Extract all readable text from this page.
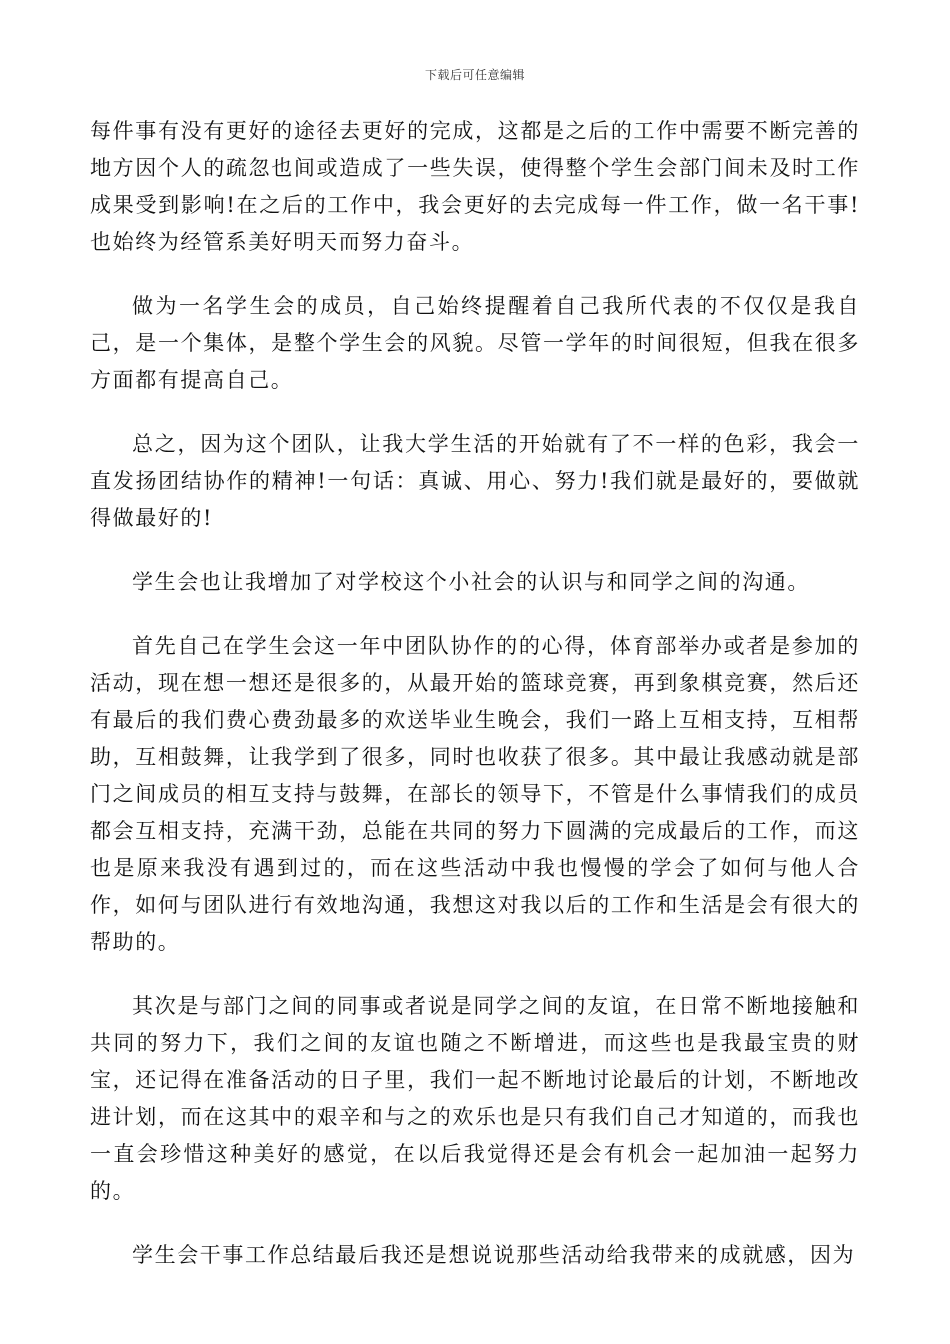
下载后可任意编辑

每件事有没有更好的途径去更好的完成，这都是之后的工作中需要不断完善的地方因个人的疏忽也间或造成了一些失误，使得整个学生会部门间未及时工作成果受到影响!在之后的工作中，我会更好的去完成每一件工作，做一名干事!也始终为经管系美好明天而努力奋斗。

做为一名学生会的成员，自己始终提醒着自己我所代表的不仅仅是我自己，是一个集体，是整个学生会的风貌。尽管一学年的时间很短，但我在很多方面都有提高自己。

总之，因为这个团队，让我大学生活的开始就有了不一样的色彩，我会一直发扬团结协作的精神!一句话：真诚、用心、努力!我们就是最好的，要做就得做最好的!

学生会也让我增加了对学校这个小社会的认识与和同学之间的沟通。

首先自己在学生会这一年中团队协作的的心得，体育部举办或者是参加的活动，现在想一想还是很多的，从最开始的篮球竞赛，再到象棋竞赛，然后还有最后的我们费心费劲最多的欢送毕业生晚会，我们一路上互相支持，互相帮助，互相鼓舞，让我学到了很多，同时也收获了很多。其中最让我感动就是部门之间成员的相互支持与鼓舞，在部长的领导下，不管是什么事情我们的成员都会互相支持，充满干劲，总能在共同的努力下圆满的完成最后的工作，而这也是原来我没有遇到过的，而在这些活动中我也慢慢的学会了如何与他人合作，如何与团队进行有效地沟通，我想这对我以后的工作和生活是会有很大的帮助的。

其次是与部门之间的同事或者说是同学之间的友谊，在日常不断地接触和共同的努力下，我们之间的友谊也随之不断增进，而这些也是我最宝贵的财宝，还记得在准备活动的日子里，我们一起不断地讨论最后的计划，不断地改进计划，而在这其中的艰辛和与之的欢乐也是只有我们自己才知道的，而我也一直会珍惜这种美好的感觉，在以后我觉得还是会有机会一起加油一起努力的。

学生会干事工作总结最后我还是想说说那些活动给我带来的成就感，因为
